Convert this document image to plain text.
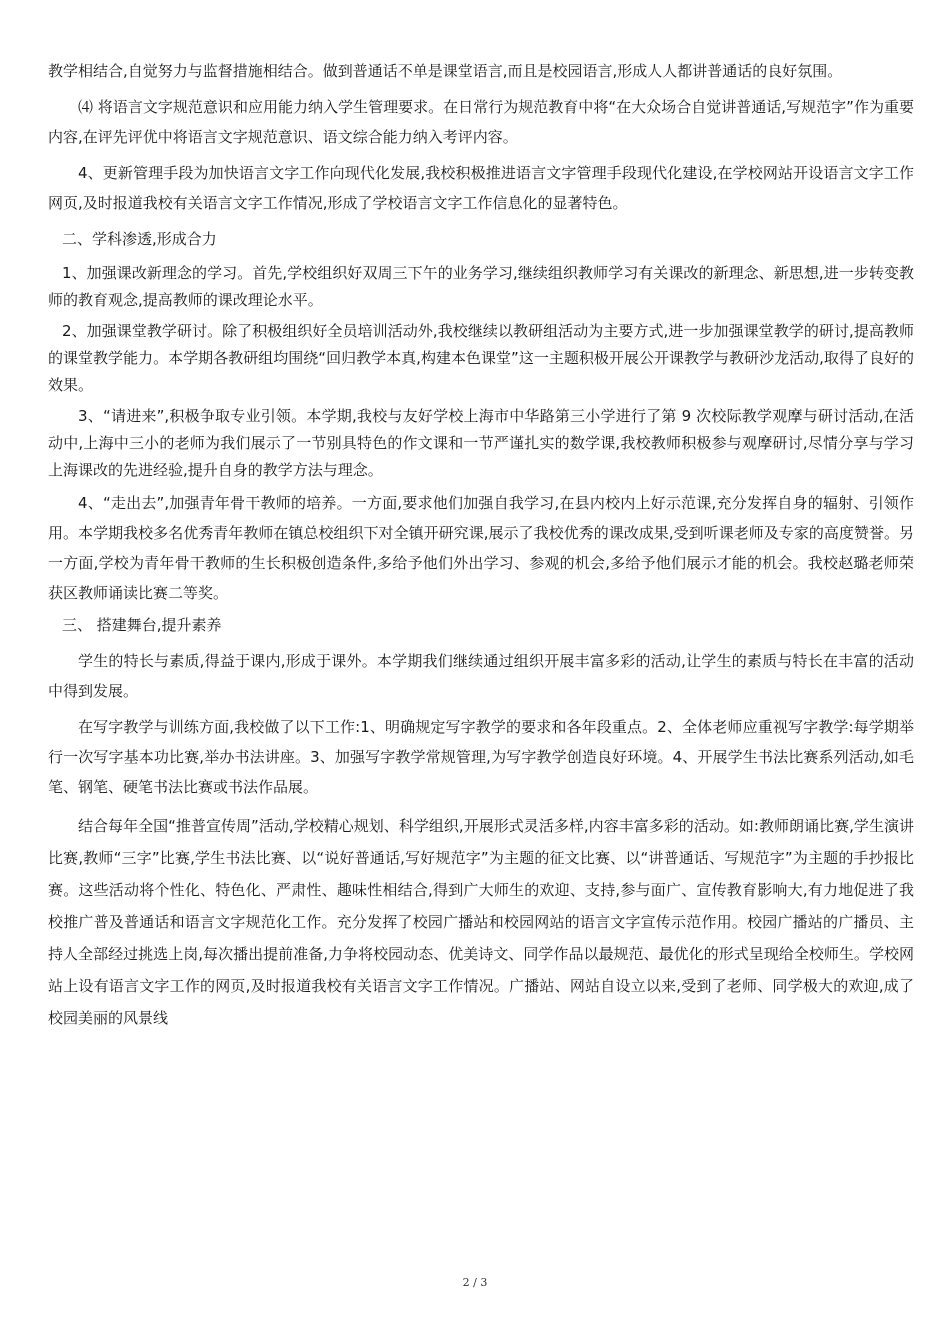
教学相结合,自觉努力与监督措施相结合。做到普通话不单是课堂语言,而且是校园语言,形成人人都讲普通话的良好氛围。

⑷ 将语言文字规范意识和应用能力纳入学生管理要求。在日常行为规范教育中将“在大众场合自觉讲普通话,写规范字”作为重要内容,在评先评优中将语言文字规范意识、语文综合能力纳入考评内容。

4、更新管理手段为加快语言文字工作向现代化发展,我校积极推进语言文字管理手段现代化建设,在学校网站开设语言文字工作网页,及时报道我校有关语言文字工作情况,形成了学校语言文字工作信息化的显著特色。

二、学科渗透,形成合力

1、加强课改新理念的学习。首先,学校组织好双周三下午的业务学习,继续组织教师学习有关课改的新理念、新思想,进一步转变教师的教育观念,提高教师的课改理论水平。

2、加强课堂教学研讨。除了积极组织好全员培训活动外,我校继续以教研组活动为主要方式,进一步加强课堂教学的研讨,提高教师的课堂教学能力。本学期各教研组均围绕“回归教学本真,构建本色课堂”这一主题积极开展公开课教学与教研沙龙活动,取得了良好的效果。

3、“请进来”,积极争取专业引领。本学期,我校与友好学校上海市中华路第三小学进行了第 9 次校际教学观摩与研讨活动,在活动中,上海中三小的老师为我们展示了一节别具特色的作文课和一节严谨扎实的数学课,我校教师积极参与观摩研讨,尽情分享与学习上海课改的先进经验,提升自身的教学方法与理念。

4、“走出去”,加强青年骨干教师的培养。一方面,要求他们加强自我学习,在县内校内上好示范课,充分发挥自身的辐射、引领作用。本学期我校多名优秀青年教师在镇总校组织下对全镇开研究课,展示了我校优秀的课改成果,受到听课老师及专家的高度赞誉。另一方面,学校为青年骨干教师的生长积极创造条件,多给予他们外出学习、参观的机会,多给予他们展示才能的机会。我校赵璐老师荣获区教师诵读比赛二等奖。

三、 搭建舞台,提升素养

学生的特长与素质,得益于课内,形成于课外。本学期我们继续通过组织开展丰富多彩的活动,让学生的素质与特长在丰富的活动中得到发展。

在写字教学与训练方面,我校做了以下工作:1、明确规定写字教学的要求和各年段重点。2、全体老师应重视写字教学:每学期举行一次写字基本功比赛,举办书法讲座。3、加强写字教学常规管理,为写字教学创造良好环境。4、开展学生书法比赛系列活动,如毛笔、钢笔、硬笔书法比赛或书法作品展。

结合每年全国“推普宣传周”活动,学校精心规划、科学组织,开展形式灵活多样,内容丰富多彩的活动。如:教师朗诵比赛,学生演讲比赛,教师“三字”比赛,学生书法比赛、以“说好普通话,写好规范字”为主题的征文比赛、以“讲普通话、写规范字”为主题的手抄报比赛。这些活动将个性化、特色化、严肃性、趣味性相结合,得到广大师生的欢迎、支持,参与面广、宣传教育影响大,有力地促进了我校推广普及普通话和语言文字规范化工作。充分发挥了校园广播站和校园网站的语言文字宣传示范作用。校园广播站的广播员、主持人全部经过挑选上岗,每次播出提前准备,力争将校园动态、优美诗文、同学作品以最规范、最优化的形式呈现给全校师生。学校网站上设有语言文字工作的网页,及时报道我校有关语言文字工作情况。广播站、网站自设立以来,受到了老师、同学极大的欢迎,成了校园美丽的风景线

2 / 3
